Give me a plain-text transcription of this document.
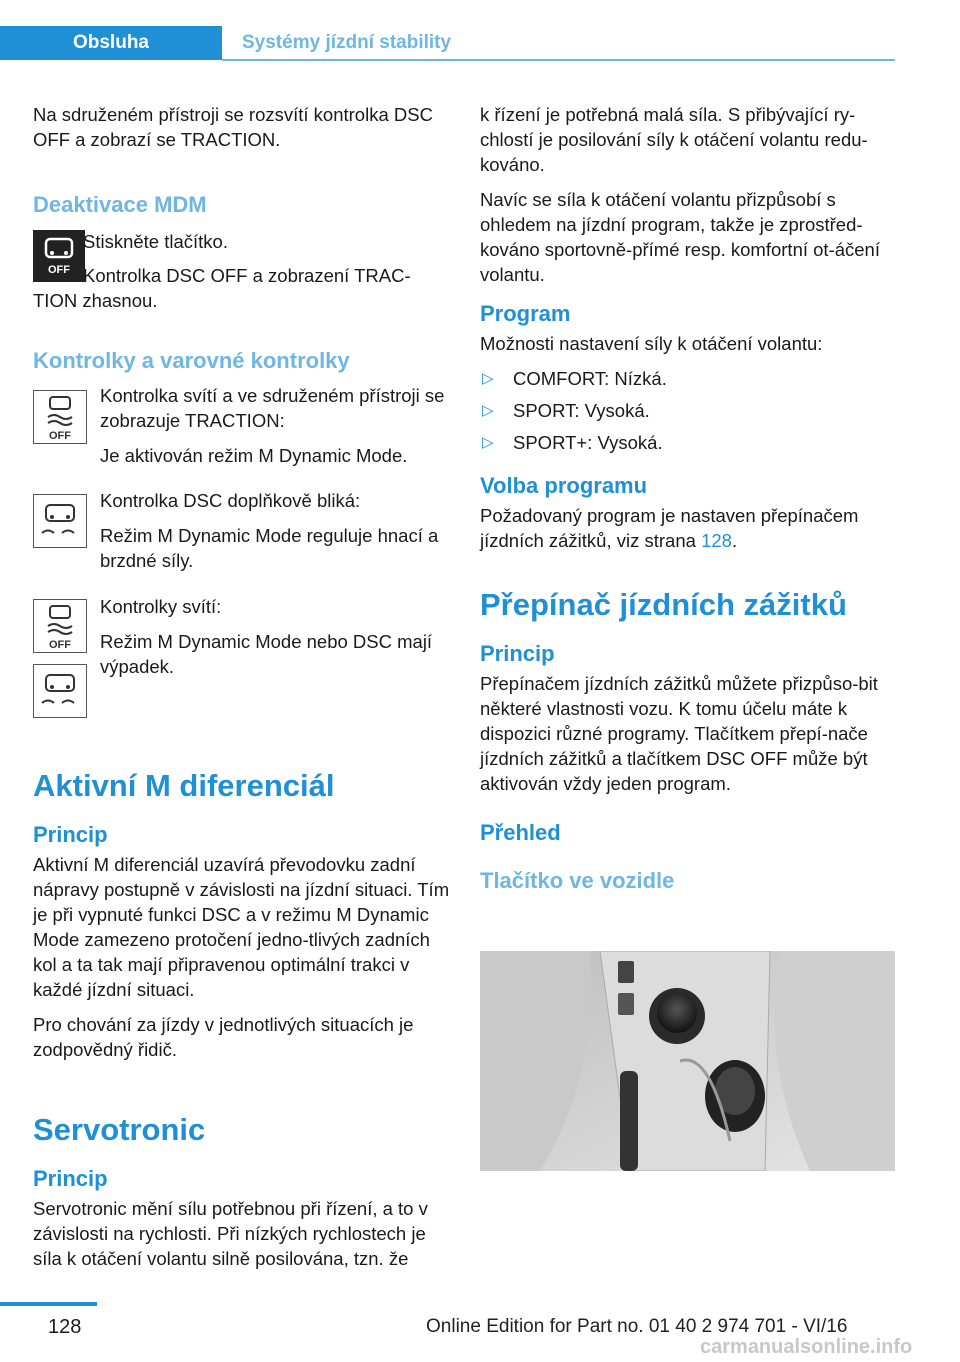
Obsluha	Systémy jízdní stability

Na sdruženém přístroji se rozsvítí kontrolka DSC OFF a zobrazí se TRACTION.

Deaktivace MDM
OFF

Stiskněte tlačítko.

Kontrolka DSC OFF a zobrazení TRAC‐TION zhasnou.

Kontrolky a varovné kontrolky
OFF

Kontrolka svítí a ve sdruženém přístroji se zobrazuje TRACTION:

Je aktivován režim M Dynamic Mode.

Kontrolka DSC doplňkově bliká:

Režim M Dynamic Mode reguluje hnací a brzdné síly.

OFF

Kontrolky svítí:

Režim M Dynamic Mode nebo DSC mají výpadek.

Aktivní M diferenciál
Princip

Aktivní M diferenciál uzavírá převodovku zadní nápravy postupně v závislosti na jízdní situaci. Tím je při vypnuté funkci DSC a v režimu M Dynamic Mode zamezeno protočení jedno‐tlivých zadních kol a ta tak mají připravenou optimální trakci v každé jízdní situaci.

Pro chování za jízdy v jednotlivých situacích je zodpovědný řidič.

Servotronic
Princip

Servotronic mění sílu potřebnou při řízení, a to v závislosti na rychlosti. Při nízkých rychlostech je síla k otáčení volantu silně posilována, tzn. že

k řízení je potřebná malá síla. S přibývající ry‐chlostí je posilování síly k otáčení volantu redu‐kováno.

Navíc se síla k otáčení volantu přizpůsobí s ohledem na jízdní program, takže je zprostřed‐kováno sportovně-přímé resp. komfortní ot‐áčení volantu.

Program

Možnosti nastavení síly k otáčení volantu:

▷ COMFORT: Nízká.
▷ SPORT: Vysoká.
▷ SPORT+: Vysoká.
Volba programu

Požadovaný program je nastaven přepínačem jízdních zážitků, viz strana 128.

Přepínač jízdních zážitků
Princip

Přepínačem jízdních zážitků můžete přizpůso‐bit některé vlastnosti vozu. K tomu účelu máte k dispozici různé programy. Tlačítkem přepí‐nače jízdních zážitků a tlačítkem DSC OFF může být aktivován vždy jeden program.

Přehled
Tlačítko ve vozidle
128	Online Edition for Part no. 01 40 2 974 701 - VI/16
carmanualsonline.info
